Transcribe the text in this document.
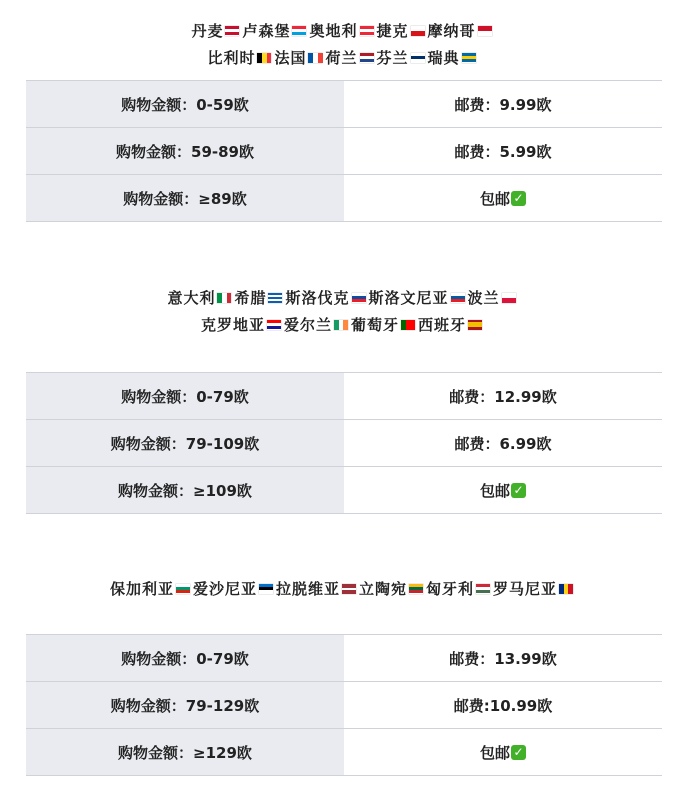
丹麦 卢森堡 奥地利 捷克 摩纳哥
比利时 法国 荷兰 芬兰 瑞典
购物金额：0-59欧	邮费：9.99欧
购物金额：59-89欧	邮费：5.99欧
购物金额：≥89欧	包邮 ✓
意大利 希腊 斯洛伐克 斯洛文尼亚 波兰
克罗地亚 爱尔兰 葡萄牙 西班牙
购物金额：0-79欧	邮费：12.99欧
购物金额：79-109欧	邮费：6.99欧
购物金额：≥109欧	包邮 ✓
保加利亚 爱沙尼亚 拉脱维亚 立陶宛 匈牙利 罗马尼亚
购物金额：0-79欧	邮费：13.99欧
购物金额：79-129欧	邮费:10.99欧
购物金额：≥129欧	包邮 ✓
